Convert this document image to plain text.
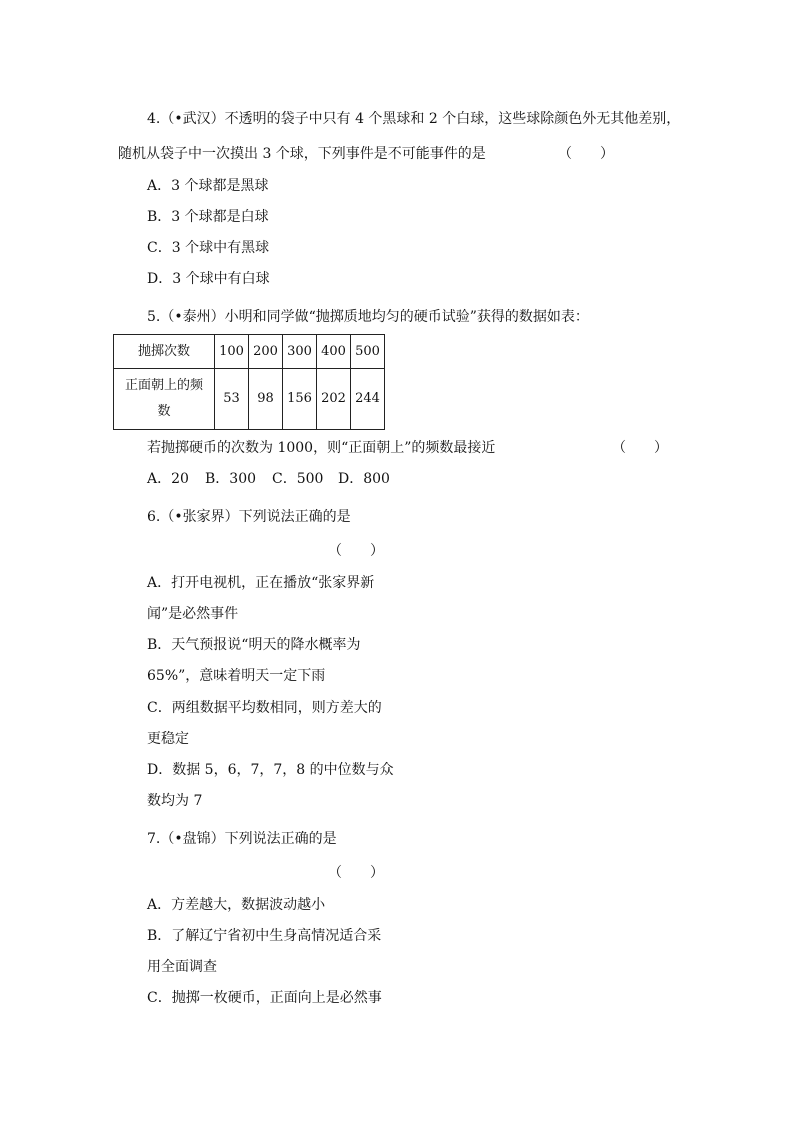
4.（•武汉）不透明的袋子中只有 4 个黑球和 2 个白球，这些球除颜色外无其他差别，
随机从袋子中一次摸出 3 个球，下列事件是不可能事件的是	（　　）
A．3 个球都是黑球
B．3 个球都是白球
C．3 个球中有黑球
D．3 个球中有白球
5.（•泰州）小明和同学做“抛掷质地均匀的硬币试验”获得的数据如表：
抛掷次数	100	200	300	400	500

正面朝上的频
数	53	98	156	202	244
若抛掷硬币的次数为 1000，则“正面朝上”的频数最接近	（　　）
A．20 B．300 C．500 D．800
6.（•张家界）下列说法正确的是
（　　）
A．打开电视机，正在播放“张家界新
闻”是必然事件
B．天气预报说“明天的降水概率为
65%”，意味着明天一定下雨
C．两组数据平均数相同，则方差大的
更稳定
D．数据 5，6，7，7，8 的中位数与众
数均为 7
7.（•盘锦）下列说法正确的是
（　　）
A．方差越大，数据波动越小
B．了解辽宁省初中生身高情况适合采
用全面调查
C．抛掷一枚硬币，正面向上是必然事
